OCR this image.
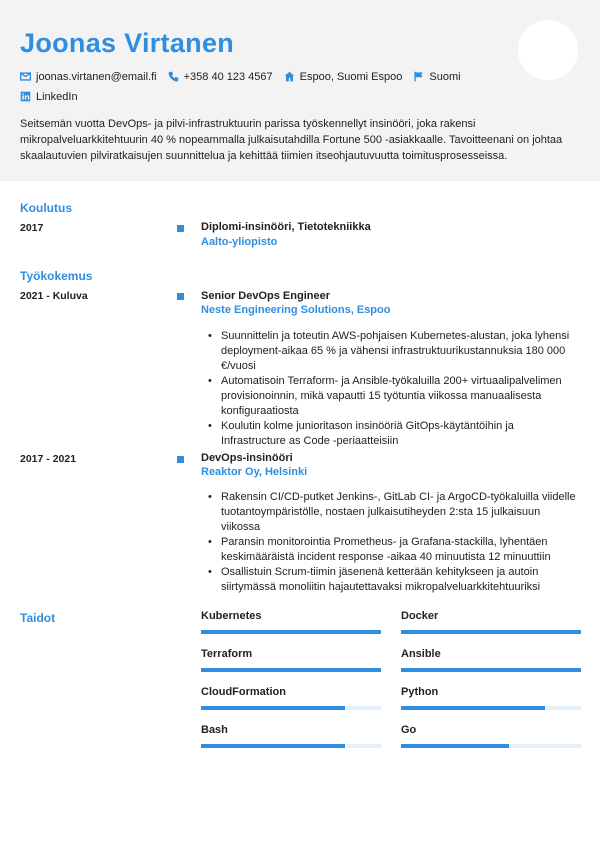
Joonas Virtanen
joonas.virtanen@email.fi +358 40 123 4567 Espoo, Suomi Espoo Suomi
LinkedIn
Seitsemän vuotta DevOps- ja pilvi-infrastruktuurin parissa työskennellyt insinööri, joka rakensi mikropalveluarkkitehtuurin 40 % nopeammalla julkaisutahdilla Fortune 500 -asiakkaalle. Tavoitteenani on johtaa skaalautuvien pilviratkaisujen suunnittelua ja kehittää tiimien itseohjautuvuutta toimitusprosesseissa.
Koulutus
2017	Diplomi-insinööri, Tietotekniikka
Aalto-yliopisto
Työkokemus
2021 - Kuluva	Senior DevOps Engineer
Neste Engineering Solutions, Espoo
• Suunnittelin ja toteutin AWS-pohjaisen Kubernetes-alustan, joka lyhensi deployment-aikaa 65 % ja vähensi infrastruktuurikustannuksia 180 000 €/vuosi
• Automatisoin Terraform- ja Ansible-työkaluilla 200+ virtuaalipalvelimen provisionoinnin, mikä vapautti 15 työtuntia viikossa manuaalisesta konfiguraatiosta
• Koulutin kolme junioritason insinööriä GitOps-käytäntöihin ja Infrastructure as Code -periaatteisiin
2017 - 2021	DevOps-insinööri
Reaktor Oy, Helsinki
• Rakensin CI/CD-putket Jenkins-, GitLab CI- ja ArgoCD-työkaluilla viidelle tuotantoympäristölle, nostaen julkaisutiheyden 2:sta 15 julkaisuun viikossa
• Paransin monitorointia Prometheus- ja Grafana-stackilla, lyhentäen keskimääräistä incident response -aikaa 40 minuutista 12 minuuttiin
• Osallistuin Scrum-tiimin jäsenenä ketterään kehitykseen ja autoin siirtymässä monoliitin hajautettavaksi mikropalveluarkkitehtuuriksi
Taidot	Kubernetes	Docker
Terraform	Ansible
CloudFormation	Python
Bash	Go
